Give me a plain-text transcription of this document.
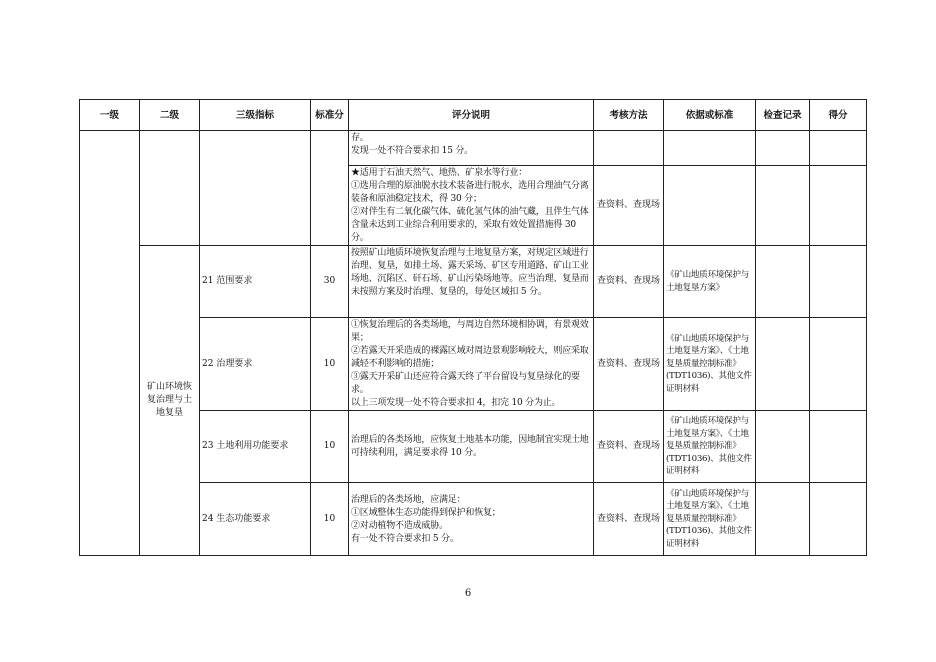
一级	二级	三级指标	标准分	评分说明	考核方法	依据或标准	检查记录	得分
				存。
发现一处不符合要求扣 15 分。				
				★适用于石油天然气、地热、矿泉水等行业：
①选用合理的原油脱水技术装备进行脱水，选用合理油气分离装备和原油稳定技术，得 30 分；
②对伴生有二氧化碳气体、硫化氢气体的油气藏，且伴生气体含量未达到工业综合利用要求的，采取有效处置措施得 30 分。	查资料、查现场			
	矿山环境恢
复治理与土
地复垦	21 范围要求	30	按照矿山地质环境恢复治理与土地复垦方案，对规定区域进行治理、复垦，如排土场、露天采场、矿区专用道路、矿山工业场地、沉陷区、矸石场、矿山污染场地等。应当治理、复垦而未按照方案及时治理、复垦的，每处区域扣 5 分。	查资料、查现场	《矿山地质环境保护与土地复垦方案》		
		22 治理要求	10	①恢复治理后的各类场地，与周边自然环境相协调，有景观效果；
②若露天开采造成的裸露区域对周边景观影响较大，则应采取减轻不利影响的措施；
③露天开采矿山还应符合露天终了平台留设与复垦绿化的要求。
以上三项发现一处不符合要求扣 4，扣完 10 分为止。	查资料、查现场	《矿山地质环境保护与土地复垦方案》、《土地复垦质量控制标准》(TDT1036)、其他文件证明材料		
		23 土地利用功能要求	10	治理后的各类场地，应恢复土地基本功能，因地制宜实现土地可持续利用，满足要求得 10 分。	查资料、查现场	《矿山地质环境保护与土地复垦方案》、《土地复垦质量控制标准》(TDT1036)、其他文件证明材料		
		24 生态功能要求	10	治理后的各类场地，应满足：
①区域整体生态功能得到保护和恢复；
②对动植物不造成威胁。
有一处不符合要求扣 5 分。	查资料、查现场	《矿山地质环境保护与土地复垦方案》、《土地复垦质量控制标准》(TDT1036)、其他文件证明材料		
6
